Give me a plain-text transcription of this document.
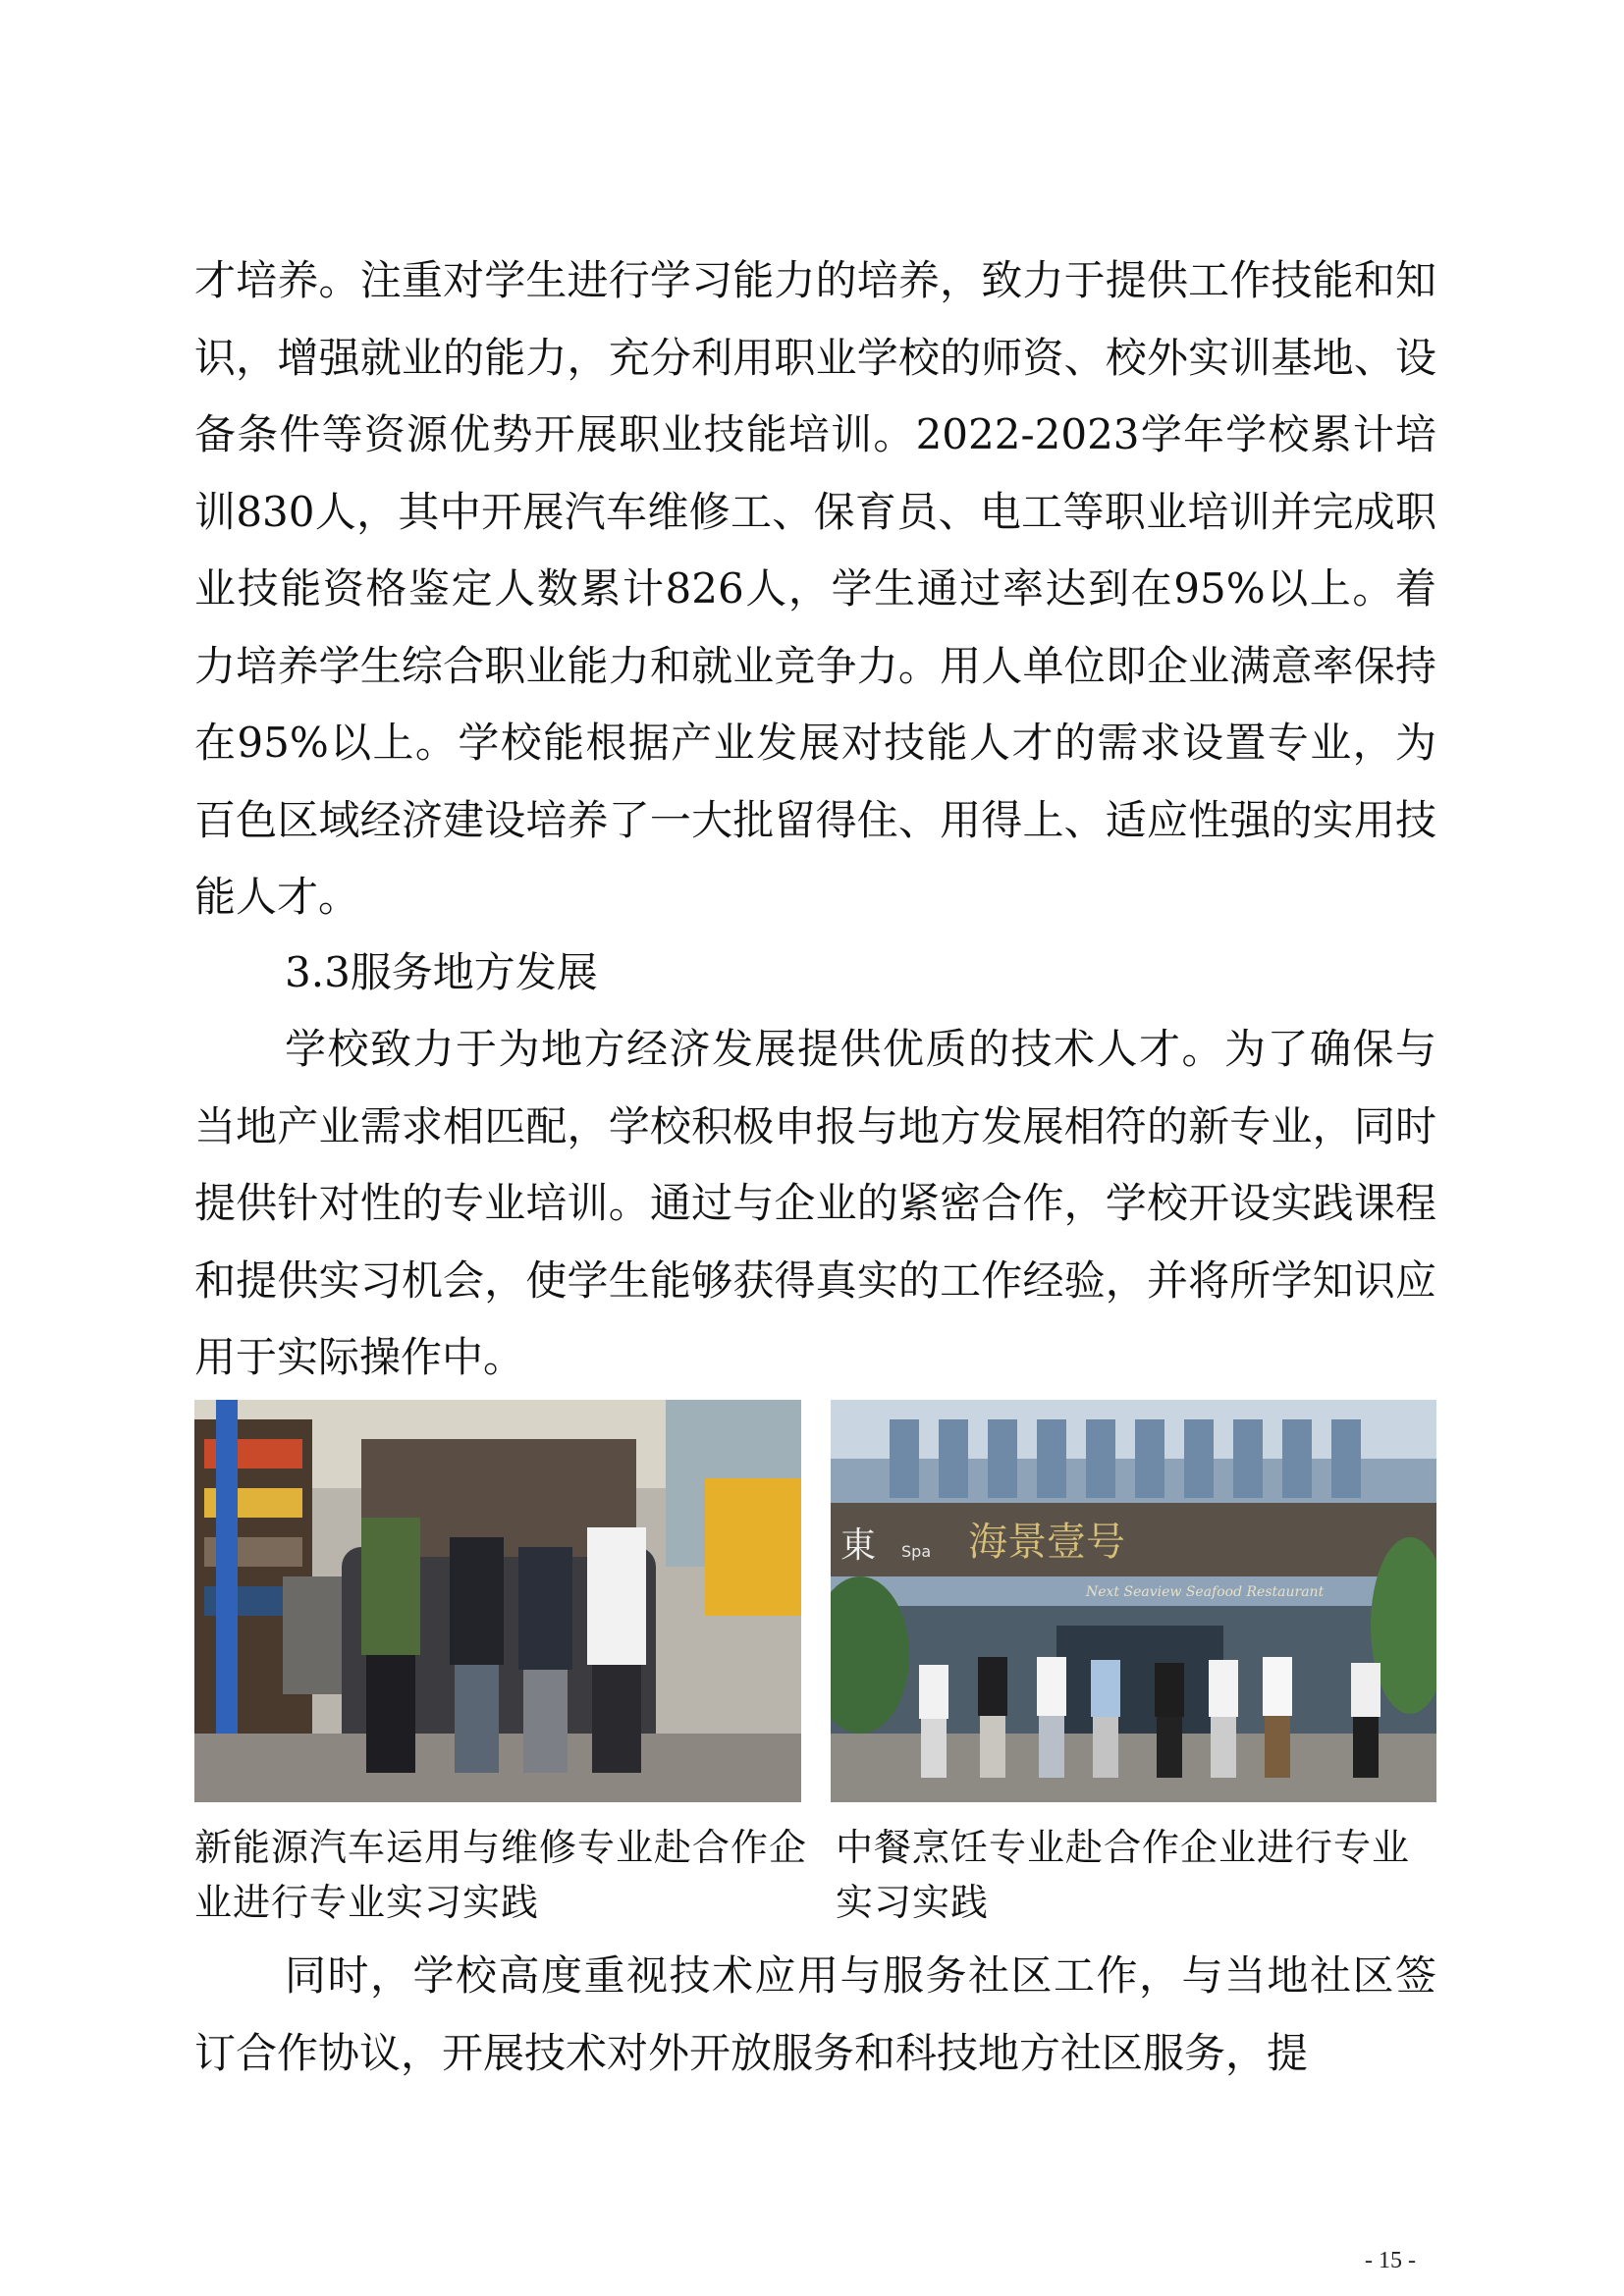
才培养。注重对学生进行学习能力的培养，致力于提供工作技能和知识，增强就业的能力，充分利用职业学校的师资、校外实训基地、设备条件等资源优势开展职业技能培训。2022-2023学年学校累计培训830人，其中开展汽车维修工、保育员、电工等职业培训并完成职业技能资格鉴定人数累计826人，学生通过率达到在95%以上。着力培养学生综合职业能力和就业竞争力。用人单位即企业满意率保持在95%以上。学校能根据产业发展对技能人才的需求设置专业，为百色区域经济建设培养了一大批留得住、用得上、适应性强的实用技能人才。
3.3服务地方发展
学校致力于为地方经济发展提供优质的技术人才。为了确保与当地产业需求相匹配，学校积极申报与地方发展相符的新专业，同时提供针对性的专业培训。通过与企业的紧密合作，学校开设实践课程和提供实习机会，使学生能够获得真实的工作经验，并将所学知识应用于实际操作中。
海景壹号
東 Spa
Next Seaview Seafood Restaurant
新能源汽车运用与维修专业赴合作企业进行专业实习实践
中餐烹饪专业赴合作企业进行专业实习实践
同时，学校高度重视技术应用与服务社区工作，与当地社区签订合作协议，开展技术对外开放服务和科技地方社区服务，提
- 15 -
